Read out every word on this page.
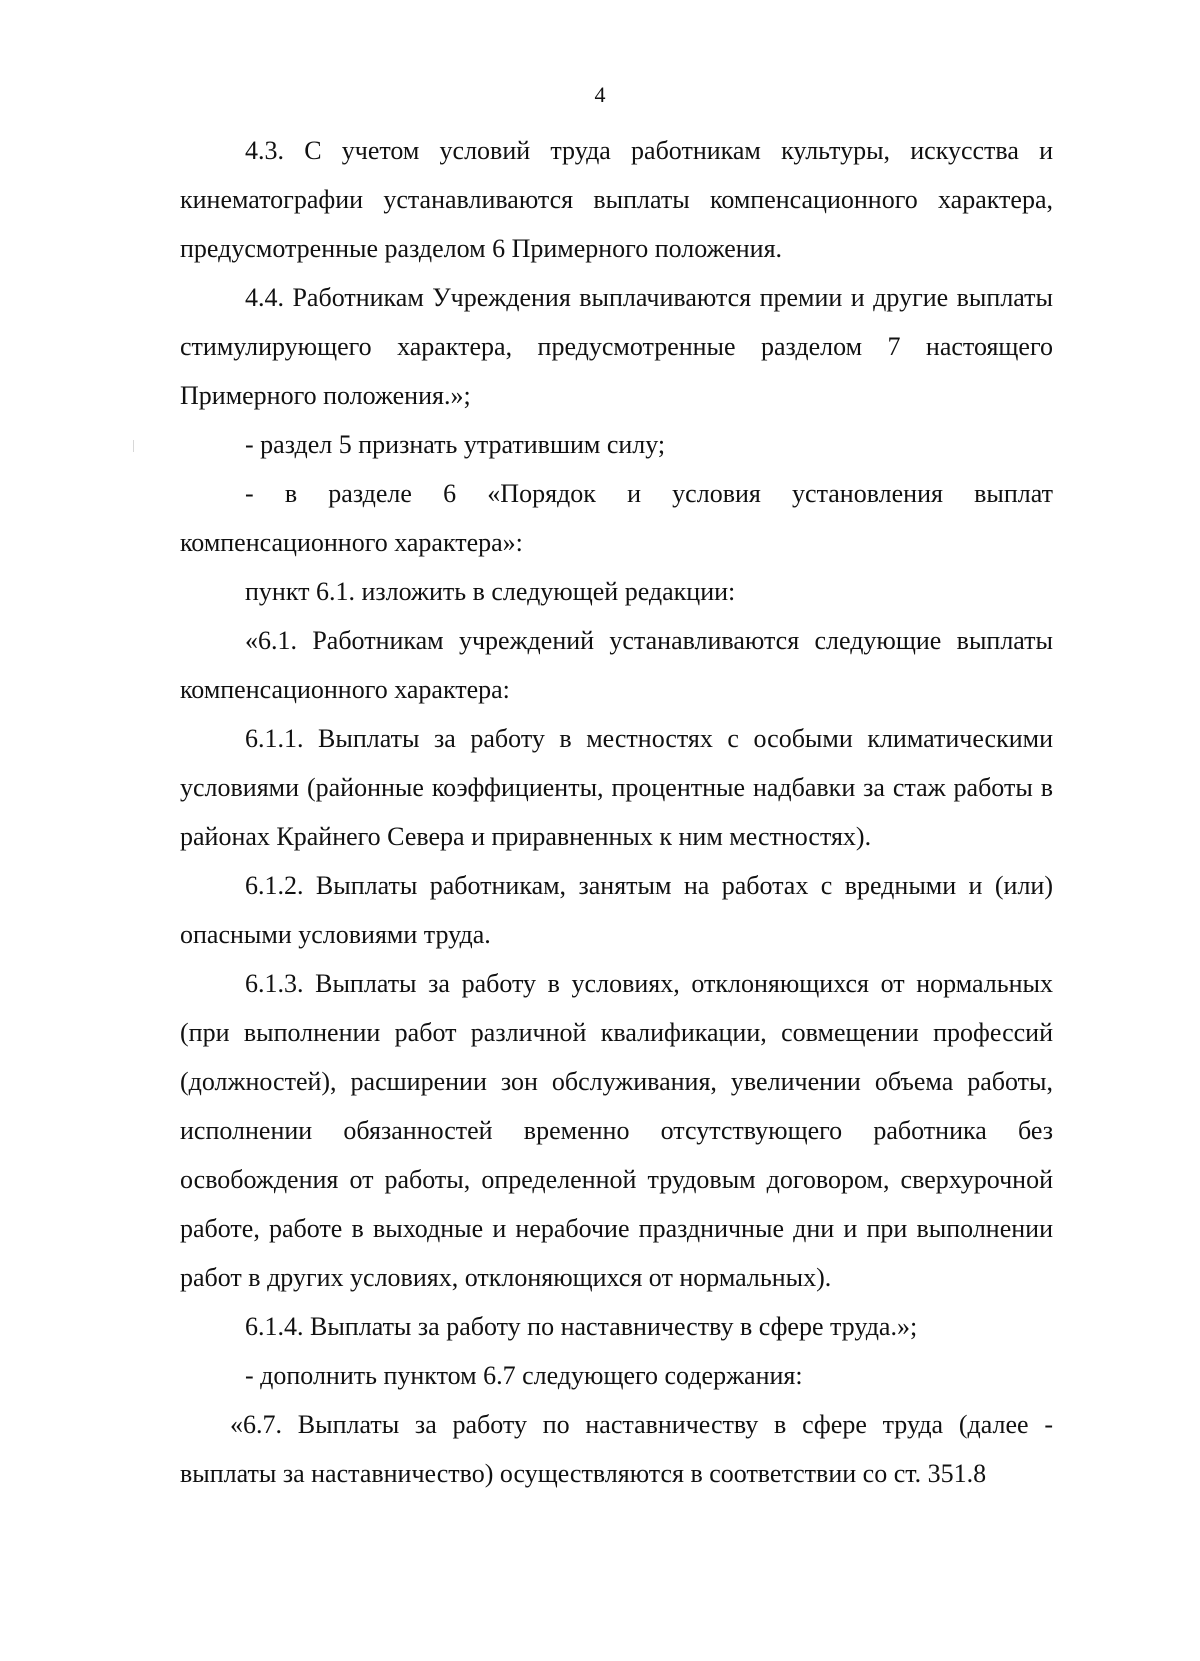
4

4.3. С учетом условий труда работникам культуры, искусства и кинематографии устанавливаются выплаты компенсационного характера, предусмотренные разделом 6 Примерного положения.

4.4. Работникам Учреждения выплачиваются премии и другие выплаты стимулирующего характера, предусмотренные разделом 7 настоящего Примерного положения.»;

- раздел 5 признать утратившим силу;

- в разделе 6 «Порядок и условия установления выплат компенсационного характера»:

пункт 6.1. изложить в следующей редакции:

«6.1. Работникам учреждений устанавливаются следующие выплаты компенсационного характера:

6.1.1. Выплаты за работу в местностях с особыми климатическими условиями (районные коэффициенты, процентные надбавки за стаж работы в районах Крайнего Севера и приравненных к ним местностях).

6.1.2. Выплаты работникам, занятым на работах с вредными и (или) опасными условиями труда.

6.1.3. Выплаты за работу в условиях, отклоняющихся от нормальных (при выполнении работ различной квалификации, совмещении профессий (должностей), расширении зон обслуживания, увеличении объема работы, исполнении обязанностей временно отсутствующего работника без освобождения от работы, определенной трудовым договором, сверхурочной работе, работе в выходные и нерабочие праздничные дни и при выполнении работ в других условиях, отклоняющихся от нормальных).

6.1.4. Выплаты за работу по наставничеству в сфере труда.»;

- дополнить пунктом 6.7 следующего содержания:

«6.7. Выплаты за работу по наставничеству в сфере труда (далее - выплаты за наставничество) осуществляются в соответствии со ст. 351.8
